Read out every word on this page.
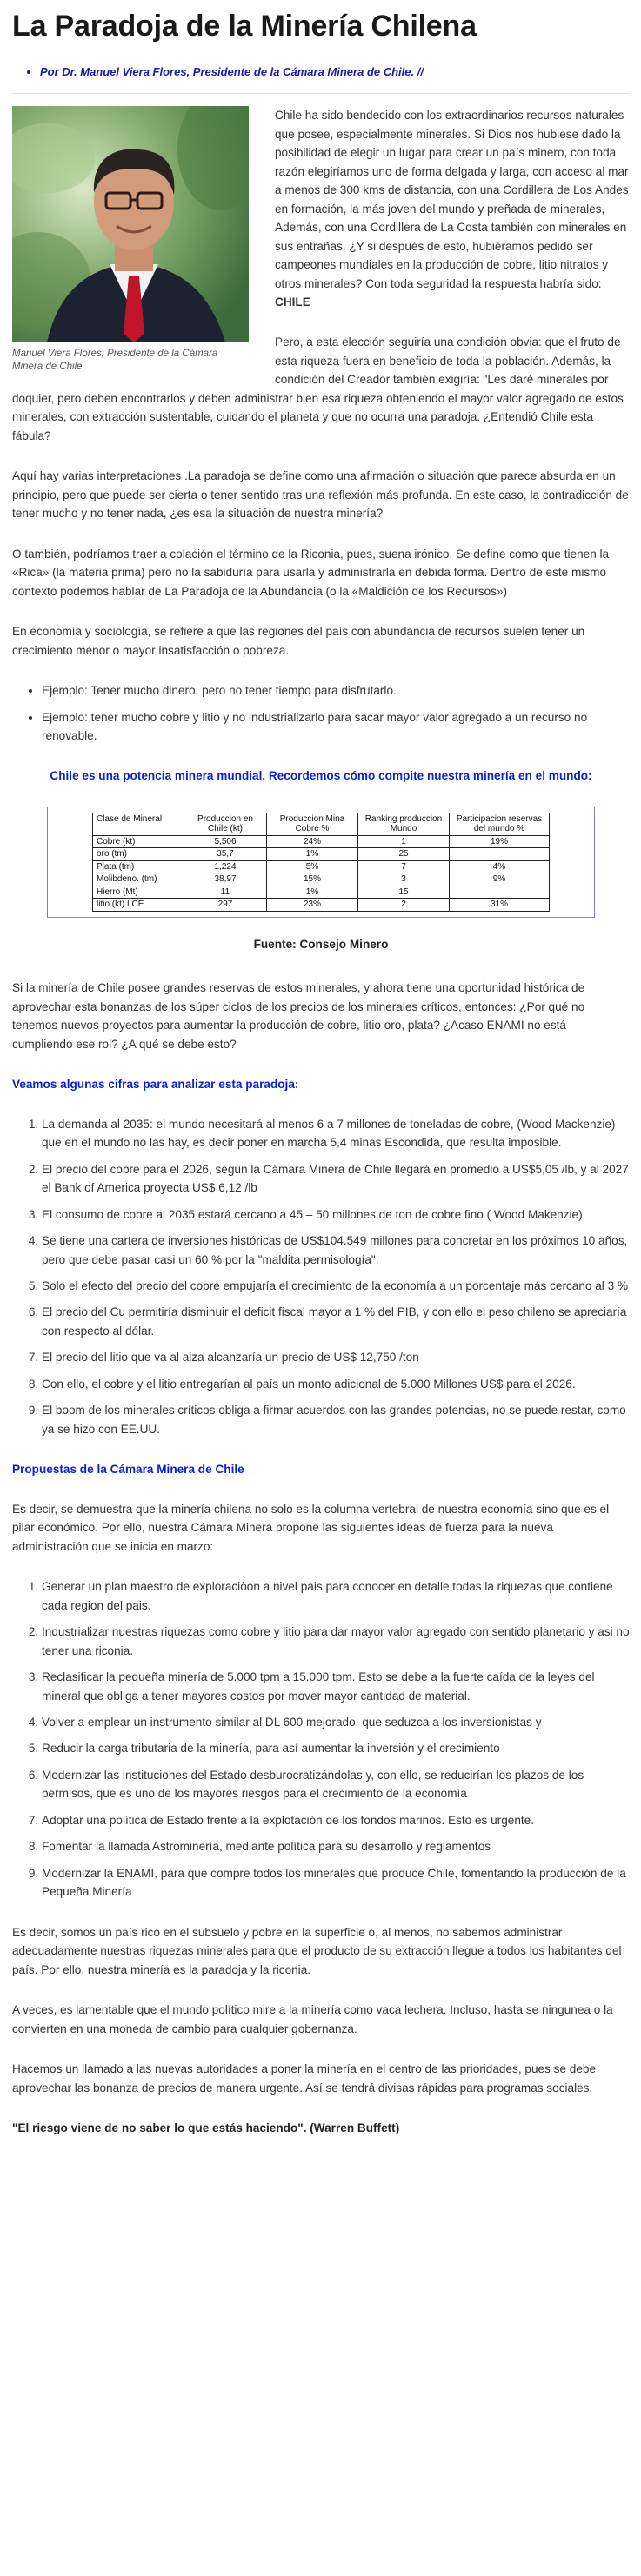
La Paradoja de la Minería Chilena
• Por Dr. Manuel Viera Flores, Presidente de la Cámara Minera de Chile. //
Manuel Viera Flores, Presidente de la Cámara Minera de Chile

Chile ha sido bendecido con los extraordinarios recursos naturales que posee, especialmente minerales. Si Dios nos hubiese dado la posibilidad de elegir un lugar para crear un país minero, con toda razón elegiríamos uno de forma delgada y larga, con acceso al mar a menos de 300 kms de distancia, con una Cordillera de Los Andes en formación, la más joven del mundo y preñada de minerales, Además, con una Cordillera de La Costa también con minerales en sus entrañas. ¿Y si después de esto, hubiéramos pedido ser campeones mundiales en la producción de cobre, litio nitratos y otros minerales? Con toda seguridad la respuesta habría sido: CHILE

Pero, a esta elección seguiría una condición obvia: que el fruto de esta riqueza fuera en beneficio de toda la población. Además, la condición del Creador también exigiría: "Les daré minerales por doquier, pero deben encontrarlos y deben administrar bien esa riqueza obteniendo el mayor valor agregado de estos minerales, con extracción sustentable, cuidando el planeta y que no ocurra una paradoja. ¿Entendió Chile esta fábula?

Aquí hay varias interpretaciones .La paradoja se define como una afirmación o situación que parece absurda en un principio, pero que puede ser cierta o tener sentido tras una reflexión más profunda. En este caso, la contradicción de tener mucho y no tener nada, ¿es esa la situación de nuestra minería?

O también, podríamos traer a colación el término de la Riconia, pues, suena irónico. Se define como que tienen la «Rica» (la materia prima) pero no la sabiduría para usarla y administrarla en debida forma. Dentro de este mismo contexto podemos hablar de La Paradoja de la Abundancia (o la «Maldición de los Recursos»)

En economía y sociología, se refiere a que las regiones del país con abundancia de recursos suelen tener un crecimiento menor o mayor insatisfacción o pobreza.

• Ejemplo: Tener mucho dinero, pero no tener tiempo para disfrutarlo.
• Ejemplo: tener mucho cobre y litio y no industrializarlo para sacar mayor valor agregado a un recurso no renovable.

Chile es una potencia minera mundial. Recordemos cómo compite nuestra minería en el mundo:

Clase de Mineral	Produccion en Chile (kt)	Produccion Mina Cobre %	Ranking produccion Mundo	Participacion reservas del mundo %
Cobre (kt)	5,506	24%	1	19%
oro (tm)	35,7	1%	25	
Plata (tm)	1,224	5%	7	4%
Molibdeno. (tm)	38,97	15%	3	9%
Hierro (Mt)	11	1%	15	
litio (kt) LCE	297	23%	2	31%

Fuente: Consejo Minero

Si la minería de Chile posee grandes reservas de estos minerales, y ahora tiene una oportunidad histórica de aprovechar esta bonanzas de los súper ciclos de los precios de los minerales críticos, entonces: ¿Por qué no tenemos nuevos proyectos para aumentar la producción de cobre, litio oro, plata? ¿Acaso ENAMI no está cumpliendo ese rol? ¿A qué se debe esto?

Veamos algunas cifras para analizar esta paradoja:

1. La demanda al 2035: el mundo necesitará al menos 6 a 7 millones de toneladas de cobre, (Wood Mackenzie) que en el mundo no las hay, es decir poner en marcha 5,4 minas Escondida, que resulta imposible.
2. El precio del cobre para el 2026, según la Cámara Minera de Chile llegará en promedio a US$5,05 /lb, y al 2027 el Bank of America proyecta US$ 6,12 /lb
3. El consumo de cobre al 2035 estará cercano a 45 – 50 millones de ton de cobre fino ( Wood Makenzie)
4. Se tiene una cartera de inversiones históricas de US$104.549 millones para concretar en los próximos 10 años, pero que debe pasar casi un 60 % por la "maldita permisología".
5. Solo el efecto del precio del cobre empujaría el crecimiento de la economía a un porcentaje más cercano al 3 %
6. El precio del Cu permitiría disminuir el deficit fiscal mayor a 1 % del PIB, y con ello el peso chileno se apreciaría con respecto al dólar.
7. El precio del litio que va al alza alcanzaría un precio de US$ 12,750 /ton
8. Con ello, el cobre y el litio entregarían al país un monto adicional de 5.000 Millones US$ para el 2026.
9. El boom de los minerales críticos obliga a firmar acuerdos con las grandes potencias, no se puede restar, como ya se hizo con EE.UU.

Propuestas de la Cámara Minera de Chile

Es decir, se demuestra que la minería chilena no solo es la columna vertebral de nuestra economía sino que es el pilar económico. Por ello, nuestra Cámara Minera propone las siguientes ideas de fuerza para la nueva administración que se inicia en marzo:

1. Generar un plan maestro de exploraciòon a nivel pais para conocer en detalle todas la riquezas que contiene cada region del pais.
2. Industrializar nuestras riquezas como cobre y litio para dar mayor valor agregado con sentido planetario y asi no tener una riconia.
3. Reclasificar la pequeña minería de 5.000 tpm a 15.000 tpm. Esto se debe a la fuerte caída de la leyes del mineral que obliga a tener mayores costos por mover mayor cantidad de material.
4. Volver a emplear un instrumento similar al DL 600 mejorado, que seduzca a los inversionistas y
5. Reducir la carga tributaria de la minería, para así aumentar la inversión y el crecimiento
6. Modernizar las instituciones del Estado desburocratizándolas y, con ello, se reducirían los plazos de los permisos, que es uno de los mayores riesgos para el crecimiento de la economía
7. Adoptar una política de Estado frente a la explotación de los fondos marinos. Esto es urgente.
8. Fomentar la llamada Astrominería, mediante política para su desarrollo y reglamentos
9. Modernizar la ENAMI, para que compre todos los minerales que produce Chile, fomentando la producción de la Pequeña Minería

Es decir, somos un país rico en el subsuelo y pobre en la superficie o, al menos, no sabemos administrar adecuadamente nuestras riquezas minerales para que el producto de su extracción llegue a todos los habitantes del país. Por ello, nuestra minería es la paradoja y la riconia.

A veces, es lamentable que el mundo político mire a la minería como vaca lechera. Incluso, hasta se ningunea o la convierten en una moneda de cambio para cualquier gobernanza.

Hacemos un llamado a las nuevas autoridades a poner la minería en el centro de las prioridades, pues se debe aprovechar las bonanza de precios de manera urgente. Así se tendrá divisas rápidas para programas sociales.

"El riesgo viene de no saber lo que estás haciendo". (Warren Buffett)
